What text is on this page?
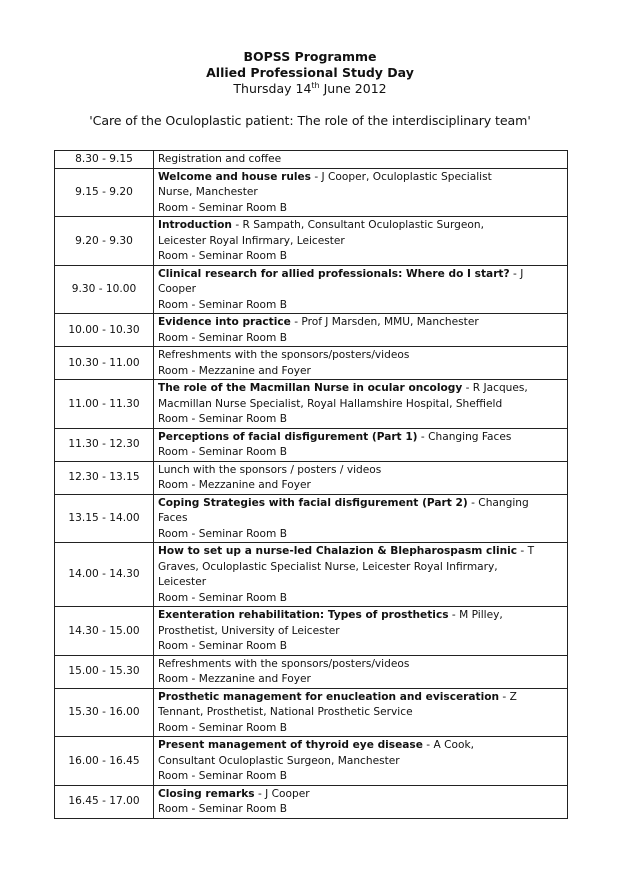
BOPSS Programme
Allied Professional Study Day
Thursday 14th June 2012
'Care of the Oculoplastic patient: The role of the interdisciplinary team'
8.30 - 9.15	Registration and coffee

9.15 - 9.20	Welcome and house rules - J Cooper, Oculoplastic Specialist
Nurse, Manchester
Room - Seminar Room B

9.20 - 9.30	Introduction - R Sampath, Consultant Oculoplastic Surgeon,
Leicester Royal Infirmary, Leicester
Room - Seminar Room B

9.30 - 10.00	Clinical research for allied professionals: Where do I start? - J
Cooper
Room - Seminar Room B

10.00 - 10.30	Evidence into practice - Prof J Marsden, MMU, Manchester
Room - Seminar Room B

10.30 - 11.00	Refreshments with the sponsors/posters/videos
Room - Mezzanine and Foyer

11.00 - 11.30	The role of the Macmillan Nurse in ocular oncology - R Jacques,
Macmillan Nurse Specialist, Royal Hallamshire Hospital, Sheffield
Room - Seminar Room B

11.30 - 12.30	Perceptions of facial disfigurement (Part 1) - Changing Faces
Room - Seminar Room B

12.30 - 13.15	Lunch with the sponsors / posters / videos
Room - Mezzanine and Foyer

13.15 - 14.00	Coping Strategies with facial disfigurement (Part 2) - Changing
Faces
Room - Seminar Room B

14.00 - 14.30	How to set up a nurse-led Chalazion & Blepharospasm clinic - T
Graves, Oculoplastic Specialist Nurse, Leicester Royal Infirmary,
Leicester
Room - Seminar Room B

14.30 - 15.00	Exenteration rehabilitation: Types of prosthetics - M Pilley,
Prosthetist, University of Leicester
Room - Seminar Room B

15.00 - 15.30	Refreshments with the sponsors/posters/videos
Room - Mezzanine and Foyer

15.30 - 16.00	Prosthetic management for enucleation and evisceration - Z
Tennant, Prosthetist, National Prosthetic Service
Room - Seminar Room B

16.00 - 16.45	Present management of thyroid eye disease - A Cook,
Consultant Oculoplastic Surgeon, Manchester
Room - Seminar Room B

16.45 - 17.00	Closing remarks - J Cooper
Room - Seminar Room B
